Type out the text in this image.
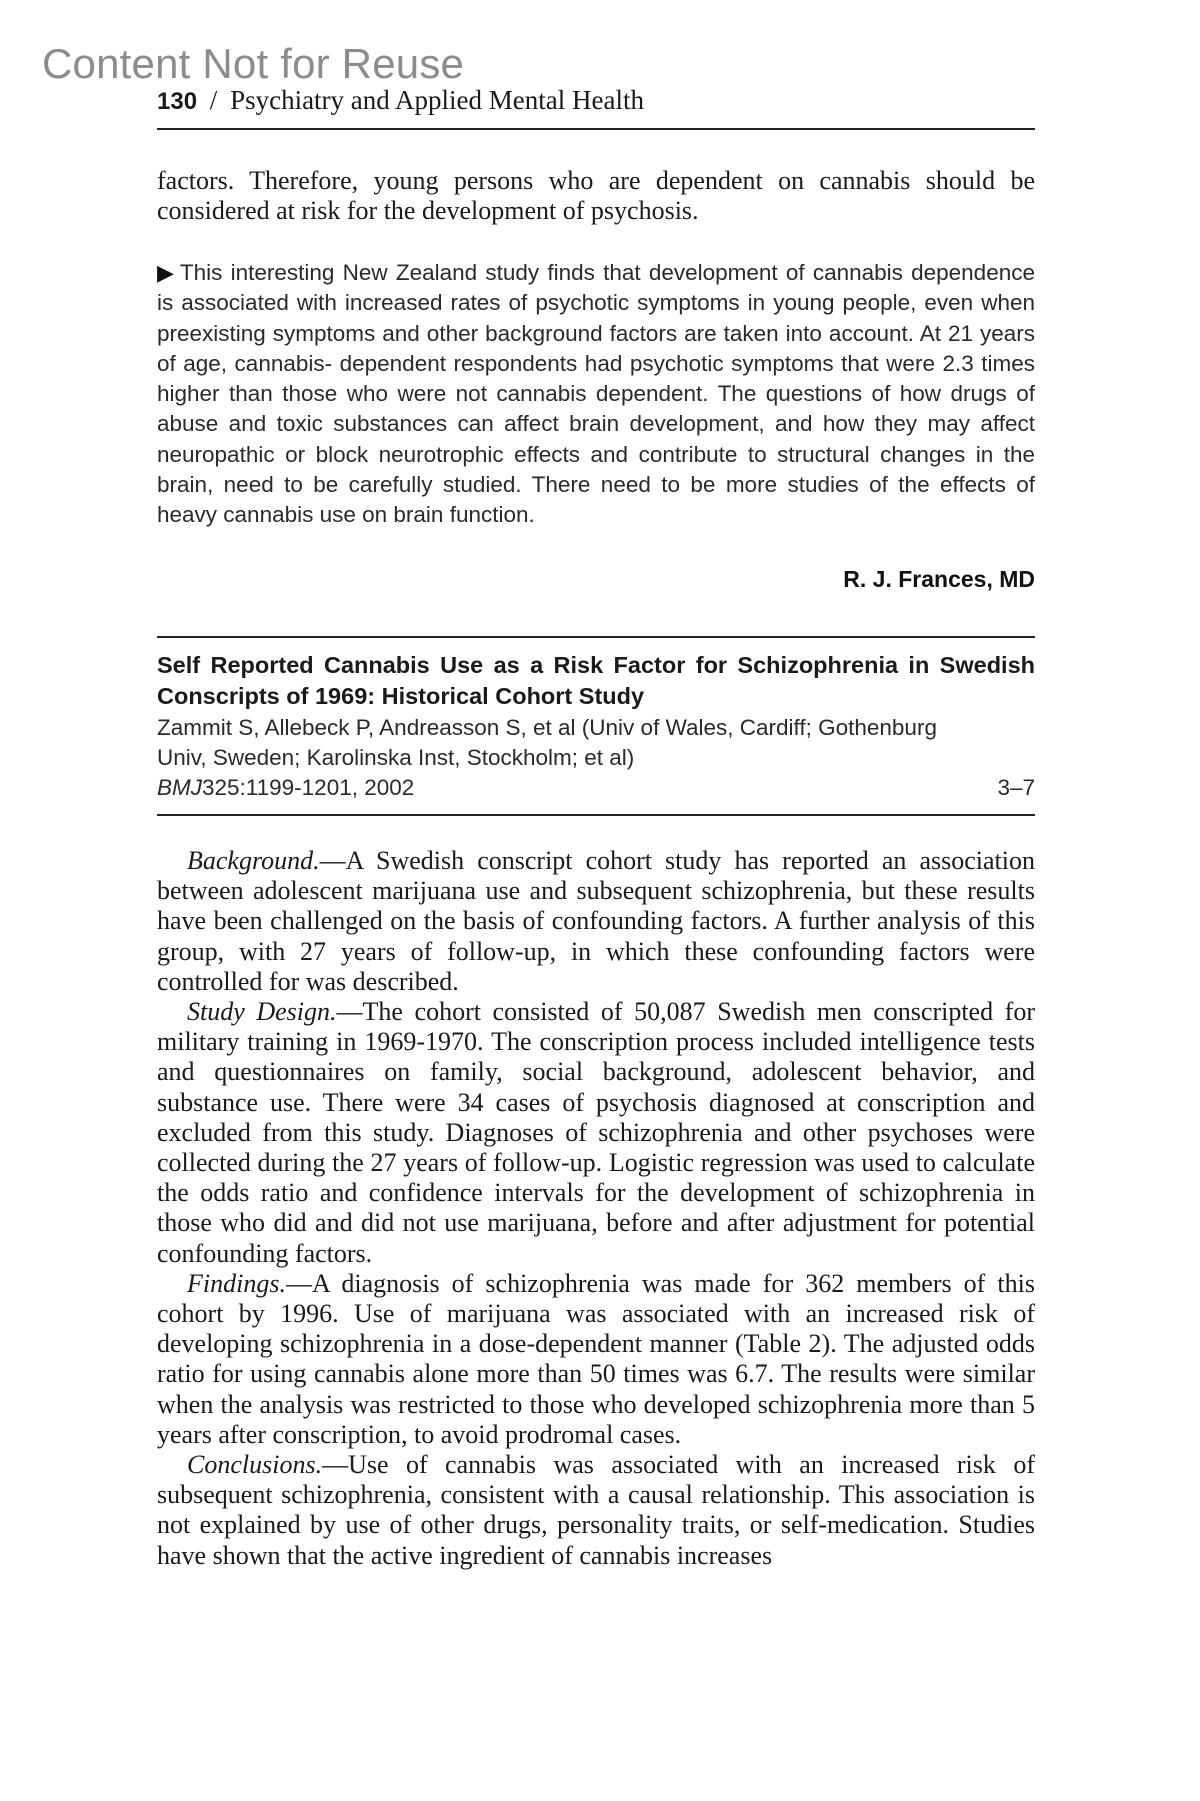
Content Not for Reuse
130 / Psychiatry and Applied Mental Health

factors. Therefore, young persons who are dependent on cannabis should be considered at risk for the development of psychosis.

▶ This interesting New Zealand study finds that development of cannabis dependence is associated with increased rates of psychotic symptoms in young people, even when preexisting symptoms and other background factors are taken into account. At 21 years of age, cannabis- dependent respondents had psychotic symptoms that were 2.3 times higher than those who were not cannabis dependent. The questions of how drugs of abuse and toxic substances can affect brain development, and how they may affect neuropathic or block neurotrophic effects and contribute to structural changes in the brain, need to be carefully studied. There need to be more studies of the effects of heavy cannabis use on brain function.
R. J. Frances, MD
Self Reported Cannabis Use as a Risk Factor for Schizophrenia in Swedish Conscripts of 1969: Historical Cohort Study
Zammit S, Allebeck P, Andreasson S, et al (Univ of Wales, Cardiff; Gothenburg
Univ, Sweden; Karolinska Inst, Stockholm; et al)
BMJ325:1199-1201, 2002	3–7

Background.—A Swedish conscript cohort study has reported an association between adolescent marijuana use and subsequent schizophrenia, but these results have been challenged on the basis of confounding factors. A further analysis of this group, with 27 years of follow-up, in which these confounding factors were controlled for was described.

Study Design.—The cohort consisted of 50,087 Swedish men conscripted for military training in 1969-1970. The conscription process included intelligence tests and questionnaires on family, social background, adolescent behavior, and substance use. There were 34 cases of psychosis diagnosed at conscription and excluded from this study. Diagnoses of schizophrenia and other psychoses were collected during the 27 years of follow-up. Logistic regression was used to calculate the odds ratio and confidence intervals for the development of schizophrenia in those who did and did not use marijuana, before and after adjustment for potential confounding factors.

Findings.—A diagnosis of schizophrenia was made for 362 members of this cohort by 1996. Use of marijuana was associated with an increased risk of developing schizophrenia in a dose-dependent manner (Table 2). The adjusted odds ratio for using cannabis alone more than 50 times was 6.7. The results were similar when the analysis was restricted to those who developed schizophrenia more than 5 years after conscription, to avoid prodromal cases.

Conclusions.—Use of cannabis was associated with an increased risk of subsequent schizophrenia, consistent with a causal relationship. This association is not explained by use of other drugs, personality traits, or self-medication. Studies have shown that the active ingredient of cannabis increases
